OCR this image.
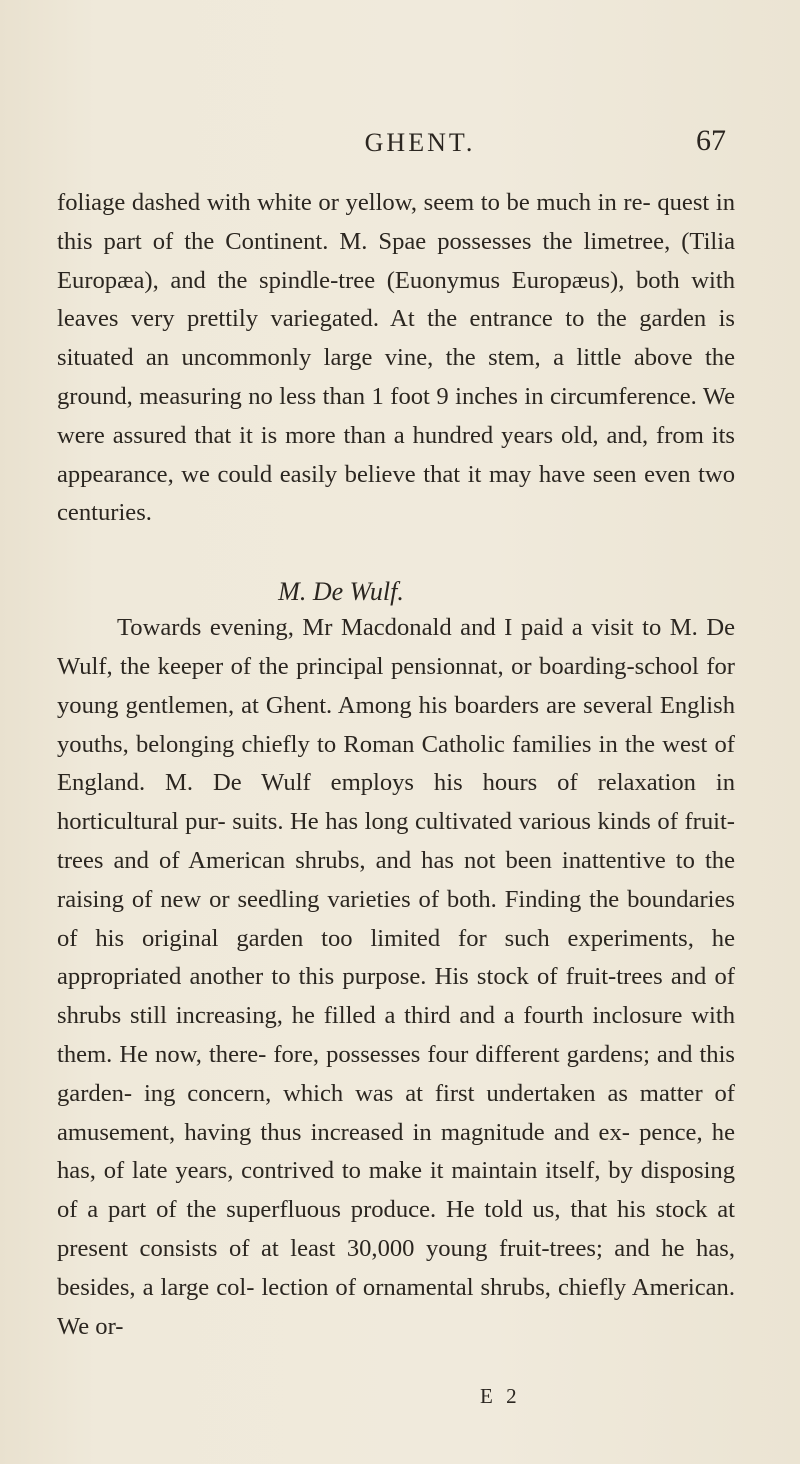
GHENT.	67

foliage dashed with white or yellow, seem to be much in re- quest in this part of the Continent. M. Spae possesses the limetree, (Tilia Europæa), and the spindle-tree (Euonymus Europæus), both with leaves very prettily variegated. At the entrance to the garden is situated an uncommonly large vine, the stem, a little above the ground, measuring no less than 1 foot 9 inches in circumference. We were assured that it is more than a hundred years old, and, from its appearance, we could easily believe that it may have seen even two centuries.

M. De Wulf.

Towards evening, Mr Macdonald and I paid a visit to M. De Wulf, the keeper of the principal pensionnat, or boarding-school for young gentlemen, at Ghent. Among his boarders are several English youths, belonging chiefly to Roman Catholic families in the west of England. M. De Wulf employs his hours of relaxation in horticultural pur- suits. He has long cultivated various kinds of fruit-trees and of American shrubs, and has not been inattentive to the raising of new or seedling varieties of both. Finding the boundaries of his original garden too limited for such experiments, he appropriated another to this purpose. His stock of fruit-trees and of shrubs still increasing, he filled a third and a fourth inclosure with them. He now, there- fore, possesses four different gardens; and this garden- ing concern, which was at first undertaken as matter of amusement, having thus increased in magnitude and ex- pence, he has, of late years, contrived to make it maintain itself, by disposing of a part of the superfluous produce. He told us, that his stock at present consists of at least 30,000 young fruit-trees; and he has, besides, a large col- lection of ornamental shrubs, chiefly American. We or-

E 2
